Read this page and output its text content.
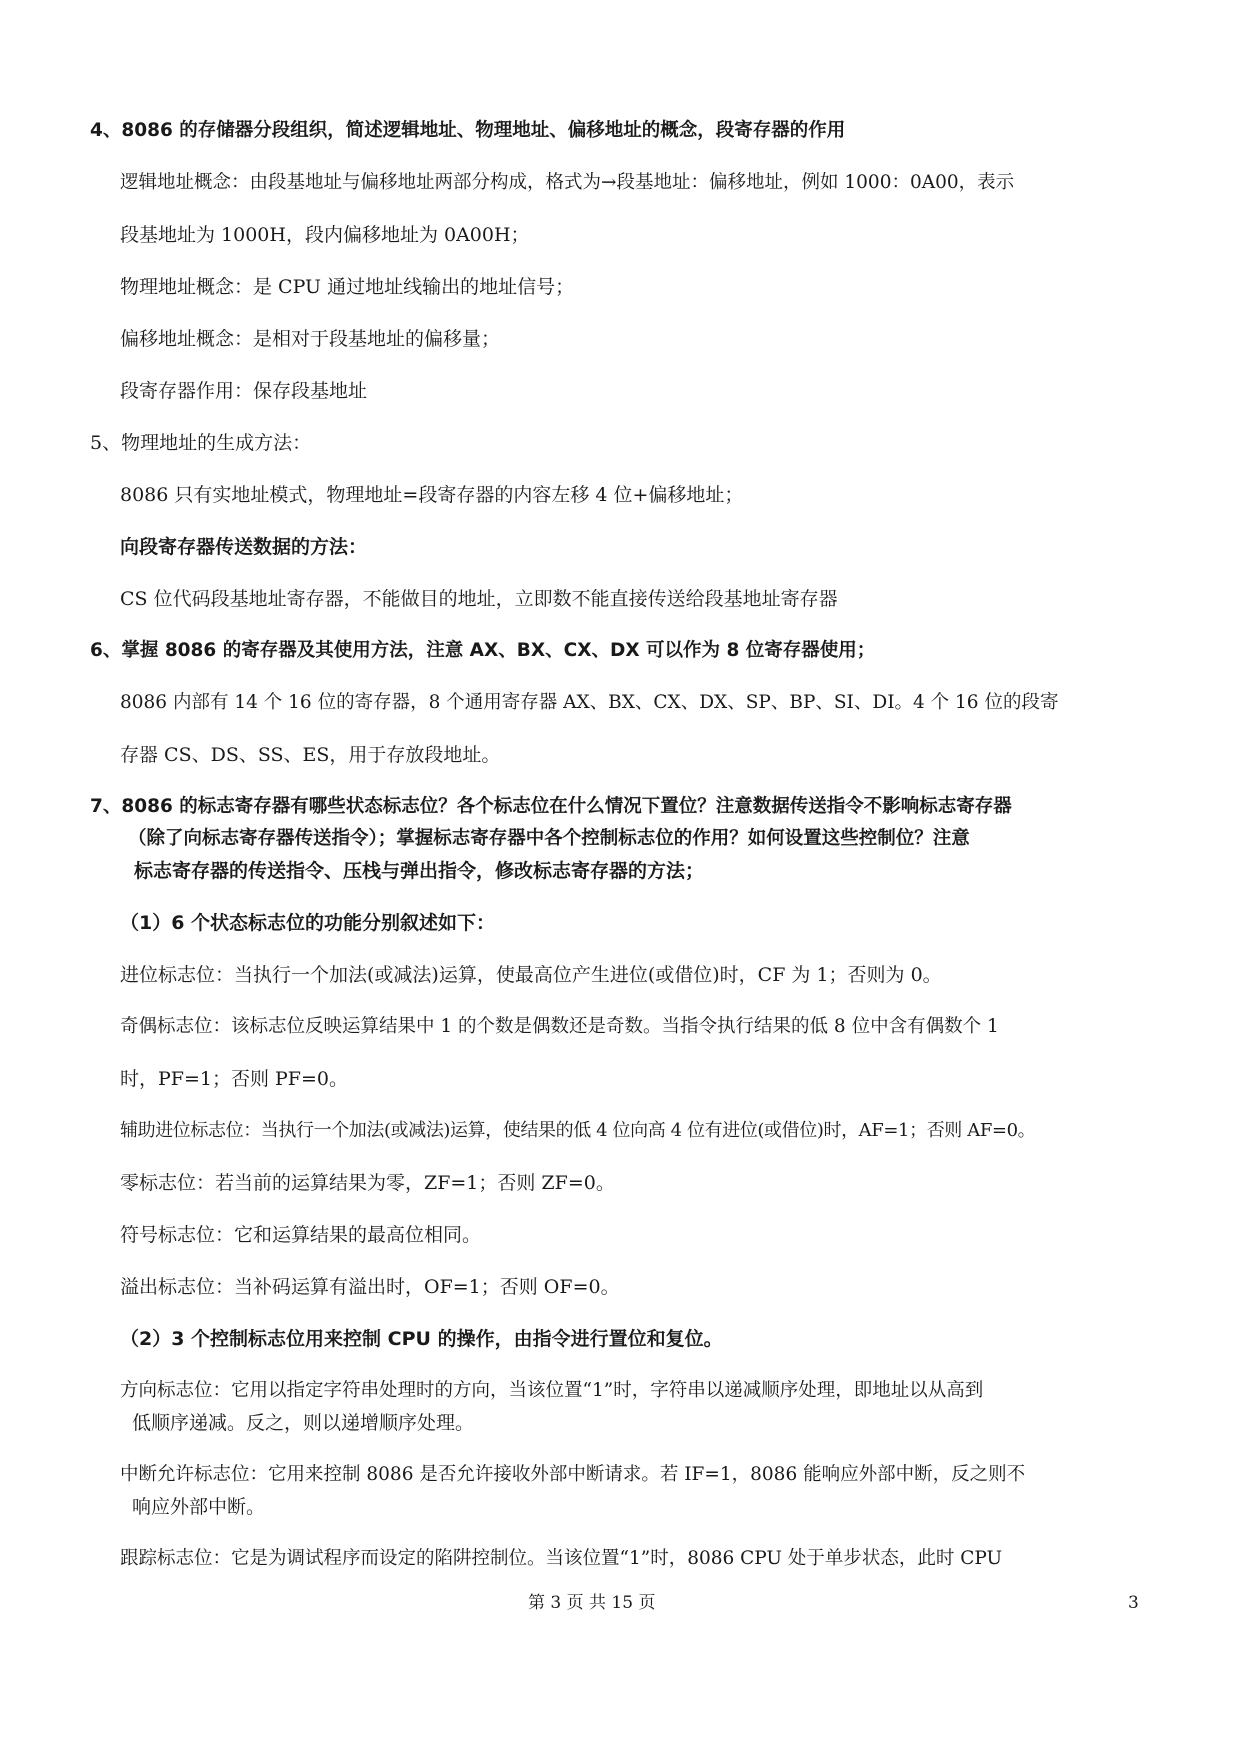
4、8086 的存储器分段组织，简述逻辑地址、物理地址、偏移地址的概念，段寄存器的作用
逻辑地址概念：由段基地址与偏移地址两部分构成，格式为→段基地址：偏移地址，例如 1000：0A00，表示
段基地址为 1000H，段内偏移地址为 0A00H；
物理地址概念：是 CPU 通过地址线输出的地址信号；
偏移地址概念：是相对于段基地址的偏移量；
段寄存器作用：保存段基地址
5、物理地址的生成方法：
8086 只有实地址模式，物理地址=段寄存器的内容左移 4 位+偏移地址；
向段寄存器传送数据的方法：
CS 位代码段基地址寄存器，不能做目的地址，立即数不能直接传送给段基地址寄存器
6、掌握 8086 的寄存器及其使用方法，注意 AX、BX、CX、DX 可以作为 8 位寄存器使用；
8086 内部有 14 个 16 位的寄存器，8 个通用寄存器 AX、BX、CX、DX、SP、BP、SI、DI。4 个 16 位的段寄
存器 CS、DS、SS、ES，用于存放段地址。
7、8086 的标志寄存器有哪些状态标志位？各个标志位在什么情况下置位？注意数据传送指令不影响标志寄存器
（除了向标志寄存器传送指令）；掌握标志寄存器中各个控制标志位的作用？如何设置这些控制位？注意
标志寄存器的传送指令、压栈与弹出指令，修改标志寄存器的方法；
（1）6 个状态标志位的功能分别叙述如下：
进位标志位：当执行一个加法(或减法)运算，使最高位产生进位(或借位)时，CF 为 1；否则为 0。
奇偶标志位：该标志位反映运算结果中 1 的个数是偶数还是奇数。当指令执行结果的低 8 位中含有偶数个 1
时，PF=1；否则 PF=0。
辅助进位标志位：当执行一个加法(或减法)运算，使结果的低 4 位向高 4 位有进位(或借位)时，AF=1；否则 AF=0。
零标志位：若当前的运算结果为零，ZF=1；否则 ZF=0。
符号标志位：它和运算结果的最高位相同。
溢出标志位：当补码运算有溢出时，OF=1；否则 OF=0。
（2）3 个控制标志位用来控制 CPU 的操作，由指令进行置位和复位。
方向标志位：它用以指定字符串处理时的方向，当该位置“1”时，字符串以递减顺序处理，即地址以从高到
低顺序递减。反之，则以递增顺序处理。
中断允许标志位：它用来控制 8086 是否允许接收外部中断请求。若 IF=1，8086 能响应外部中断，反之则不
响应外部中断。
跟踪标志位：它是为调试程序而设定的陷阱控制位。当该位置“1”时，8086 CPU 处于单步状态，此时 CPU
第 3 页 共 15 页	3
